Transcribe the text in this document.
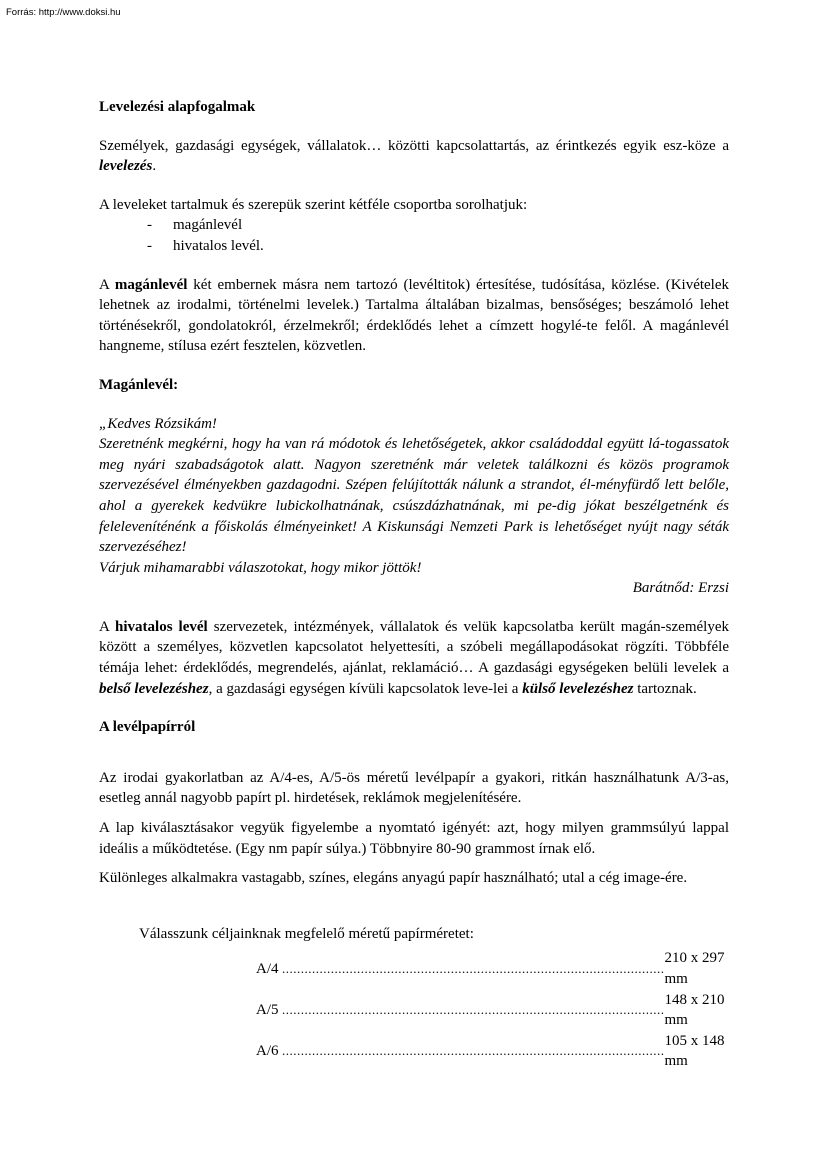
Forrás: http://www.doksi.hu
Levelezési alapfogalmak

Személyek, gazdasági egységek, vállalatok… közötti kapcsolattartás, az érintkezés egyik esz-köze a levelezés.

A leveleket tartalmuk és szerepük szerint kétféle csoportba sorolhatjuk:

- magánlevél
- hivatalos levél.

A magánlevél két embernek másra nem tartozó (levéltitok) értesítése, tudósítása, közlése. (Kivételek lehetnek az irodalmi, történelmi levelek.) Tartalma általában bizalmas, bensőséges; beszámoló lehet történésekről, gondolatokról, érzelmekről; érdeklődés lehet a címzett hogylé-te felől. A magánlevél hangneme, stílusa ezért fesztelen, közvetlen.

Magánlevél:
„Kedves Rózsikám!
Szeretnénk megkérni, hogy ha van rá módotok és lehetőségetek, akkor családoddal együtt lá-togassatok meg nyári szabadságotok alatt. Nagyon szeretnénk már veletek találkozni és közös programok szervezésével élményekben gazdagodni. Szépen felújították nálunk a strandot, él-ményfürdő lett belőle, ahol a gyerekek kedvükre lubickolhatnának, csúszdázhatnának, mi pe-dig jókat beszélgetnénk és feleleveníténénk a főiskolás élményeinket! A Kiskunsági Nemzeti Park is lehetőséget nyújt nagy séták szervezéséhez!
Várjuk mihamarabbi válaszotokat, hogy mikor jöttök!
Barátnőd: Erzsi

A hivatalos levél szervezetek, intézmények, vállalatok és velük kapcsolatba került magán-személyek között a személyes, közvetlen kapcsolatot helyettesíti, a szóbeli megállapodásokat rögzíti. Többféle témája lehet: érdeklődés, megrendelés, ajánlat, reklamáció… A gazdasági egységeken belüli levelek a belső levelezéshez, a gazdasági egységen kívüli kapcsolatok leve-lei a külső levelezéshez tartoznak.

A levélpapírról

Az irodai gyakorlatban az A/4-es, A/5-ös méretű levélpapír a gyakori, ritkán használhatunk A/3-as, esetleg annál nagyobb papírt pl. hirdetések, reklámok megjelenítésére.

A lap kiválasztásakor vegyük figyelembe a nyomtató igényét: azt, hogy milyen grammsúlyú lappal ideális a működtetése. (Egy nm papír súlya.) Többnyire 80-90 grammost írnak elő.

Különleges alkalmakra vastagabb, színes, elegáns anyagú papír használható; utal a cég image-ére.

Válasszunk céljainknak megfelelő méretű papírméretet:
A/4	.....	210 x 297 mm
A/5	.....	148 x 210 mm
A/6	.....	105 x 148 mm
